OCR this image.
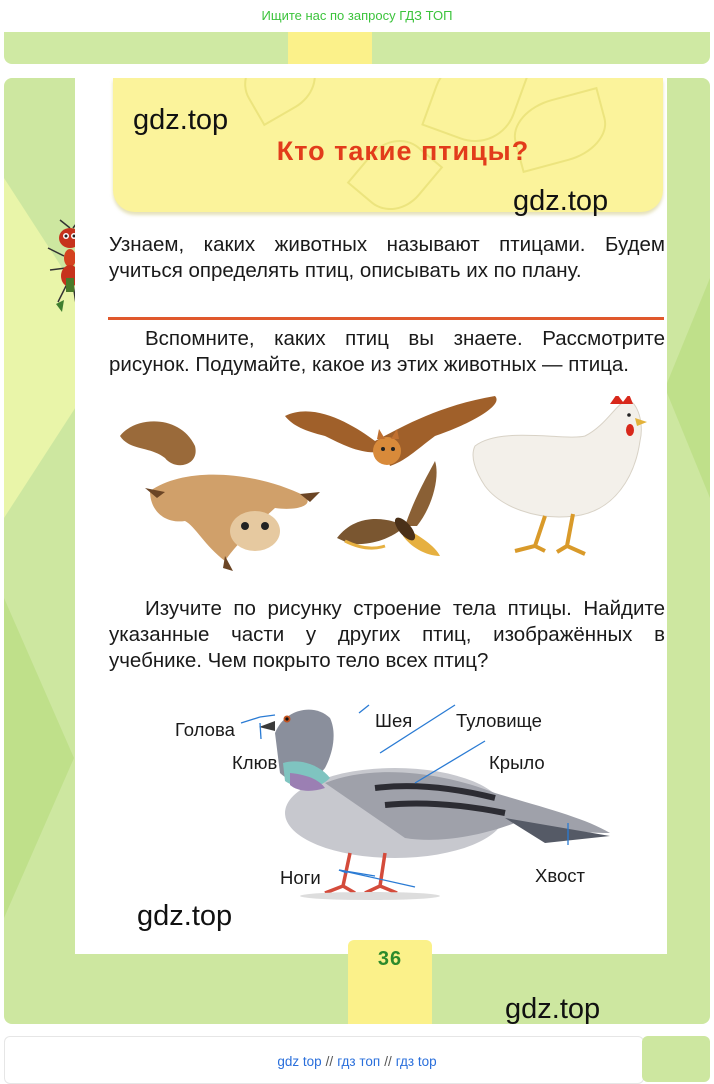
Ищите нас по запросу ГДЗ ТОП
Кто такие птицы?
Узнаем, каких животных называют птицами. Будем учиться определять птиц, описывать их по плану.
Вспомните, каких птиц вы знаете. Рассмотрите рисунок. Подумайте, какое из этих животных — птица.
Изучите по рисунку строение тела птицы. Найдите указанные части у других птиц, изображённых в учебнике. Чем покрыто тело всех птиц?
Голова
Клюв
Шея Туловище
Крыло
Ноги	Хвост
36
gdz.top
gdz.top
gdz.top
gdz.top
gdz top // гдз топ // гдз top
